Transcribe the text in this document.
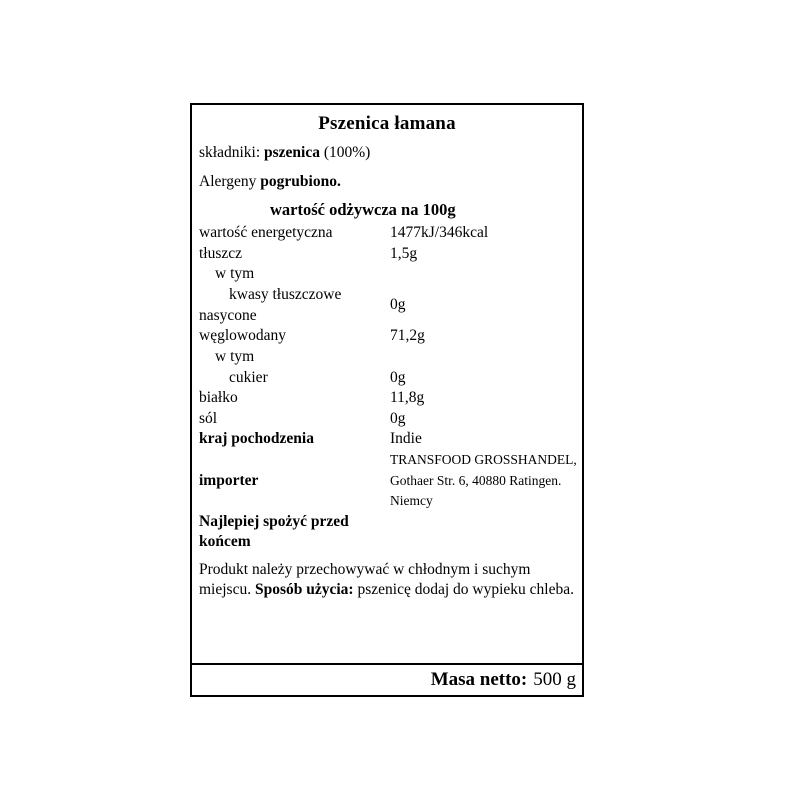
Pszenica łamana
składniki: pszenica (100%)
Alergeny pogrubiono.
wartość odżywcza na 100g
wartość energetyczna	1477kJ/346kcal
tłuszcz	1,5g
w tym	
kwasy tłuszczowe nasycone	0g
węglowodany	71,2g
w tym	
cukier	0g
białko	11,8g
sól	0g
kraj pochodzenia	Indie
importer	TRANSFOOD GROSSHANDEL, Gothaer Str. 6, 40880 Ratingen. Niemcy
Najlepiej spożyć przed końcem	
Produkt należy przechowywać w chłodnym i suchym miejscu. Sposób użycia: pszenicę dodaj do wypieku chleba.
Masa netto: 500 g
